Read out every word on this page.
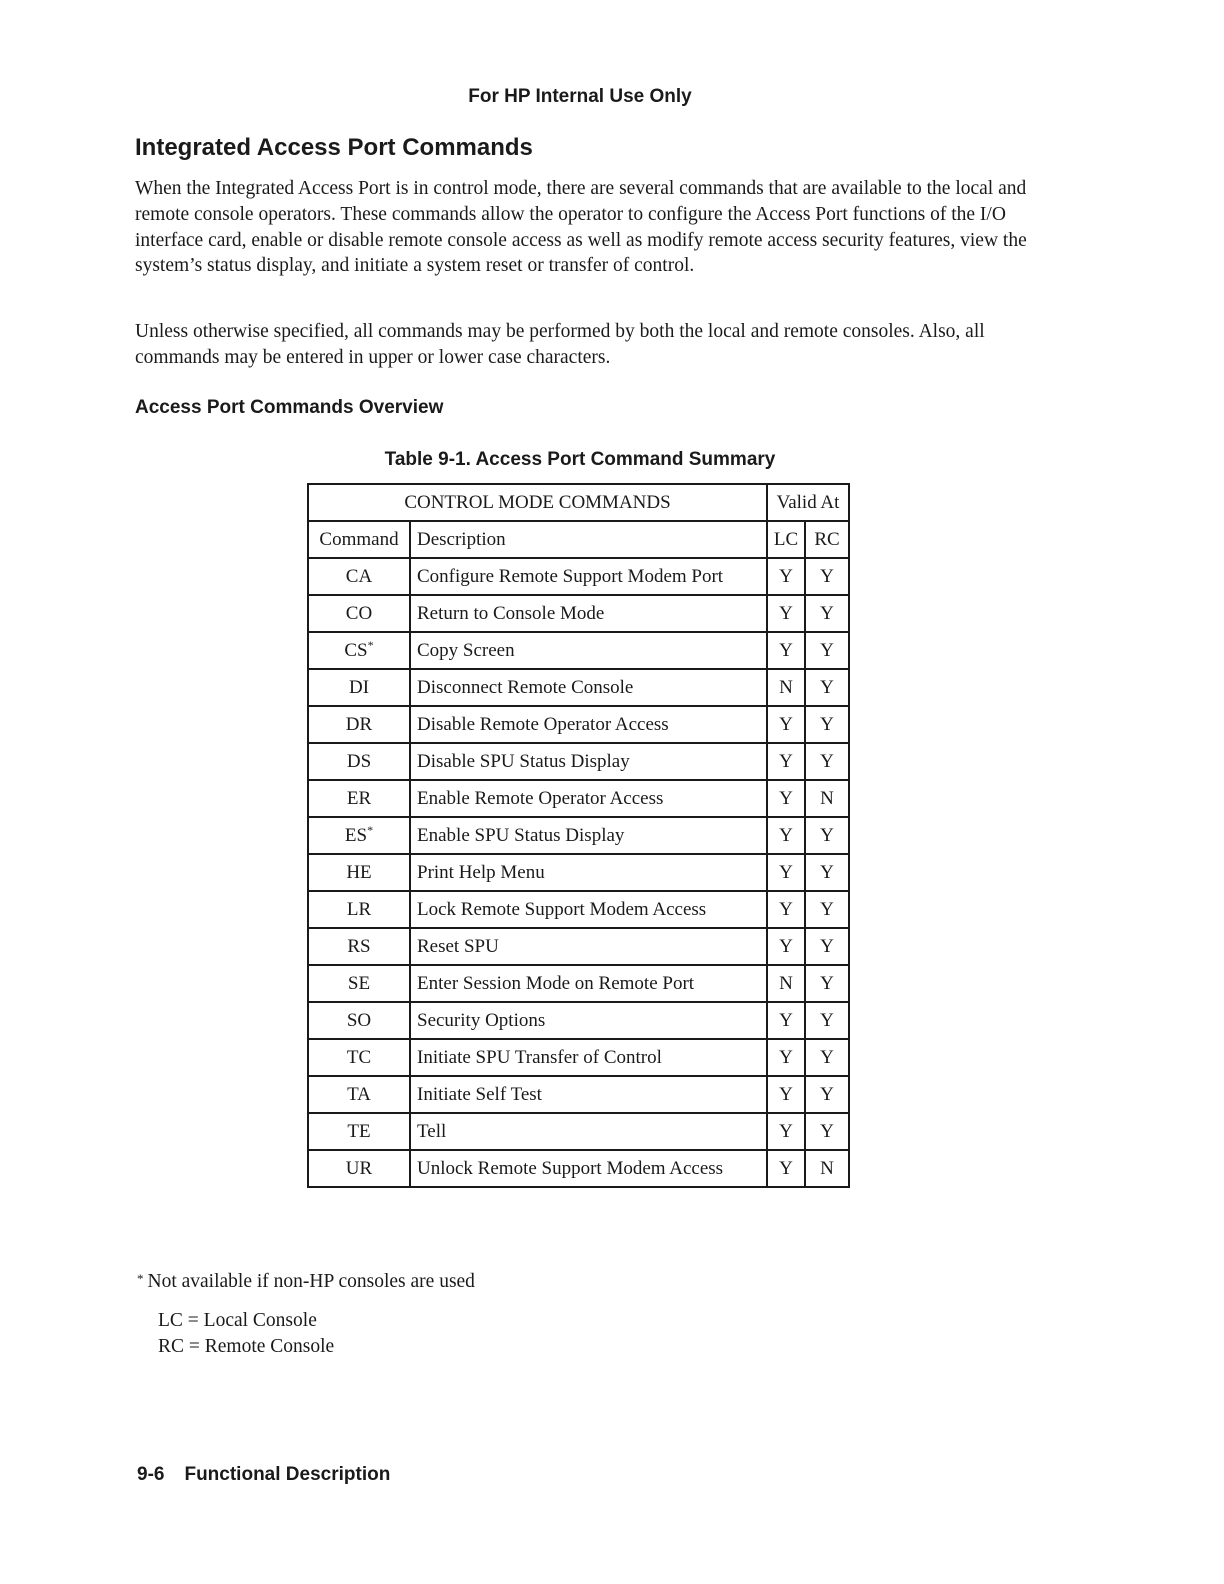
For HP Internal Use Only
Integrated Access Port Commands

When the Integrated Access Port is in control mode, there are several commands that are available to the local and remote console operators. These commands allow the operator to configure the Access Port functions of the I/O interface card, enable or disable remote console access as well as modify remote access security features, view the system’s status display, and initiate a system reset or transfer of control.

Unless otherwise specified, all commands may be performed by both the local and remote consoles. Also, all commands may be entered in upper or lower case characters.

Access Port Commands Overview
Table 9-1. Access Port Command Summary
CONTROL MODE COMMANDS		Valid At	
Command	Description	LC	RC
CA	Configure Remote Support Modem Port	Y	Y
CO	Return to Console Mode	Y	Y
CS*	Copy Screen	Y	Y
DI	Disconnect Remote Console	N	Y
DR	Disable Remote Operator Access	Y	Y
DS	Disable SPU Status Display	Y	Y
ER	Enable Remote Operator Access	Y	N
ES*	Enable SPU Status Display	Y	Y
HE	Print Help Menu	Y	Y
LR	Lock Remote Support Modem Access	Y	Y
RS	Reset SPU	Y	Y
SE	Enter Session Mode on Remote Port	N	Y
SO	Security Options	Y	Y
TC	Initiate SPU Transfer of Control	Y	Y
TA	Initiate Self Test	Y	Y
TE	Tell	Y	Y
UR	Unlock Remote Support Modem Access	Y	N
* Not available if non-HP consoles are used
LC = Local Console
RC = Remote Console
9-6 Functional Description
